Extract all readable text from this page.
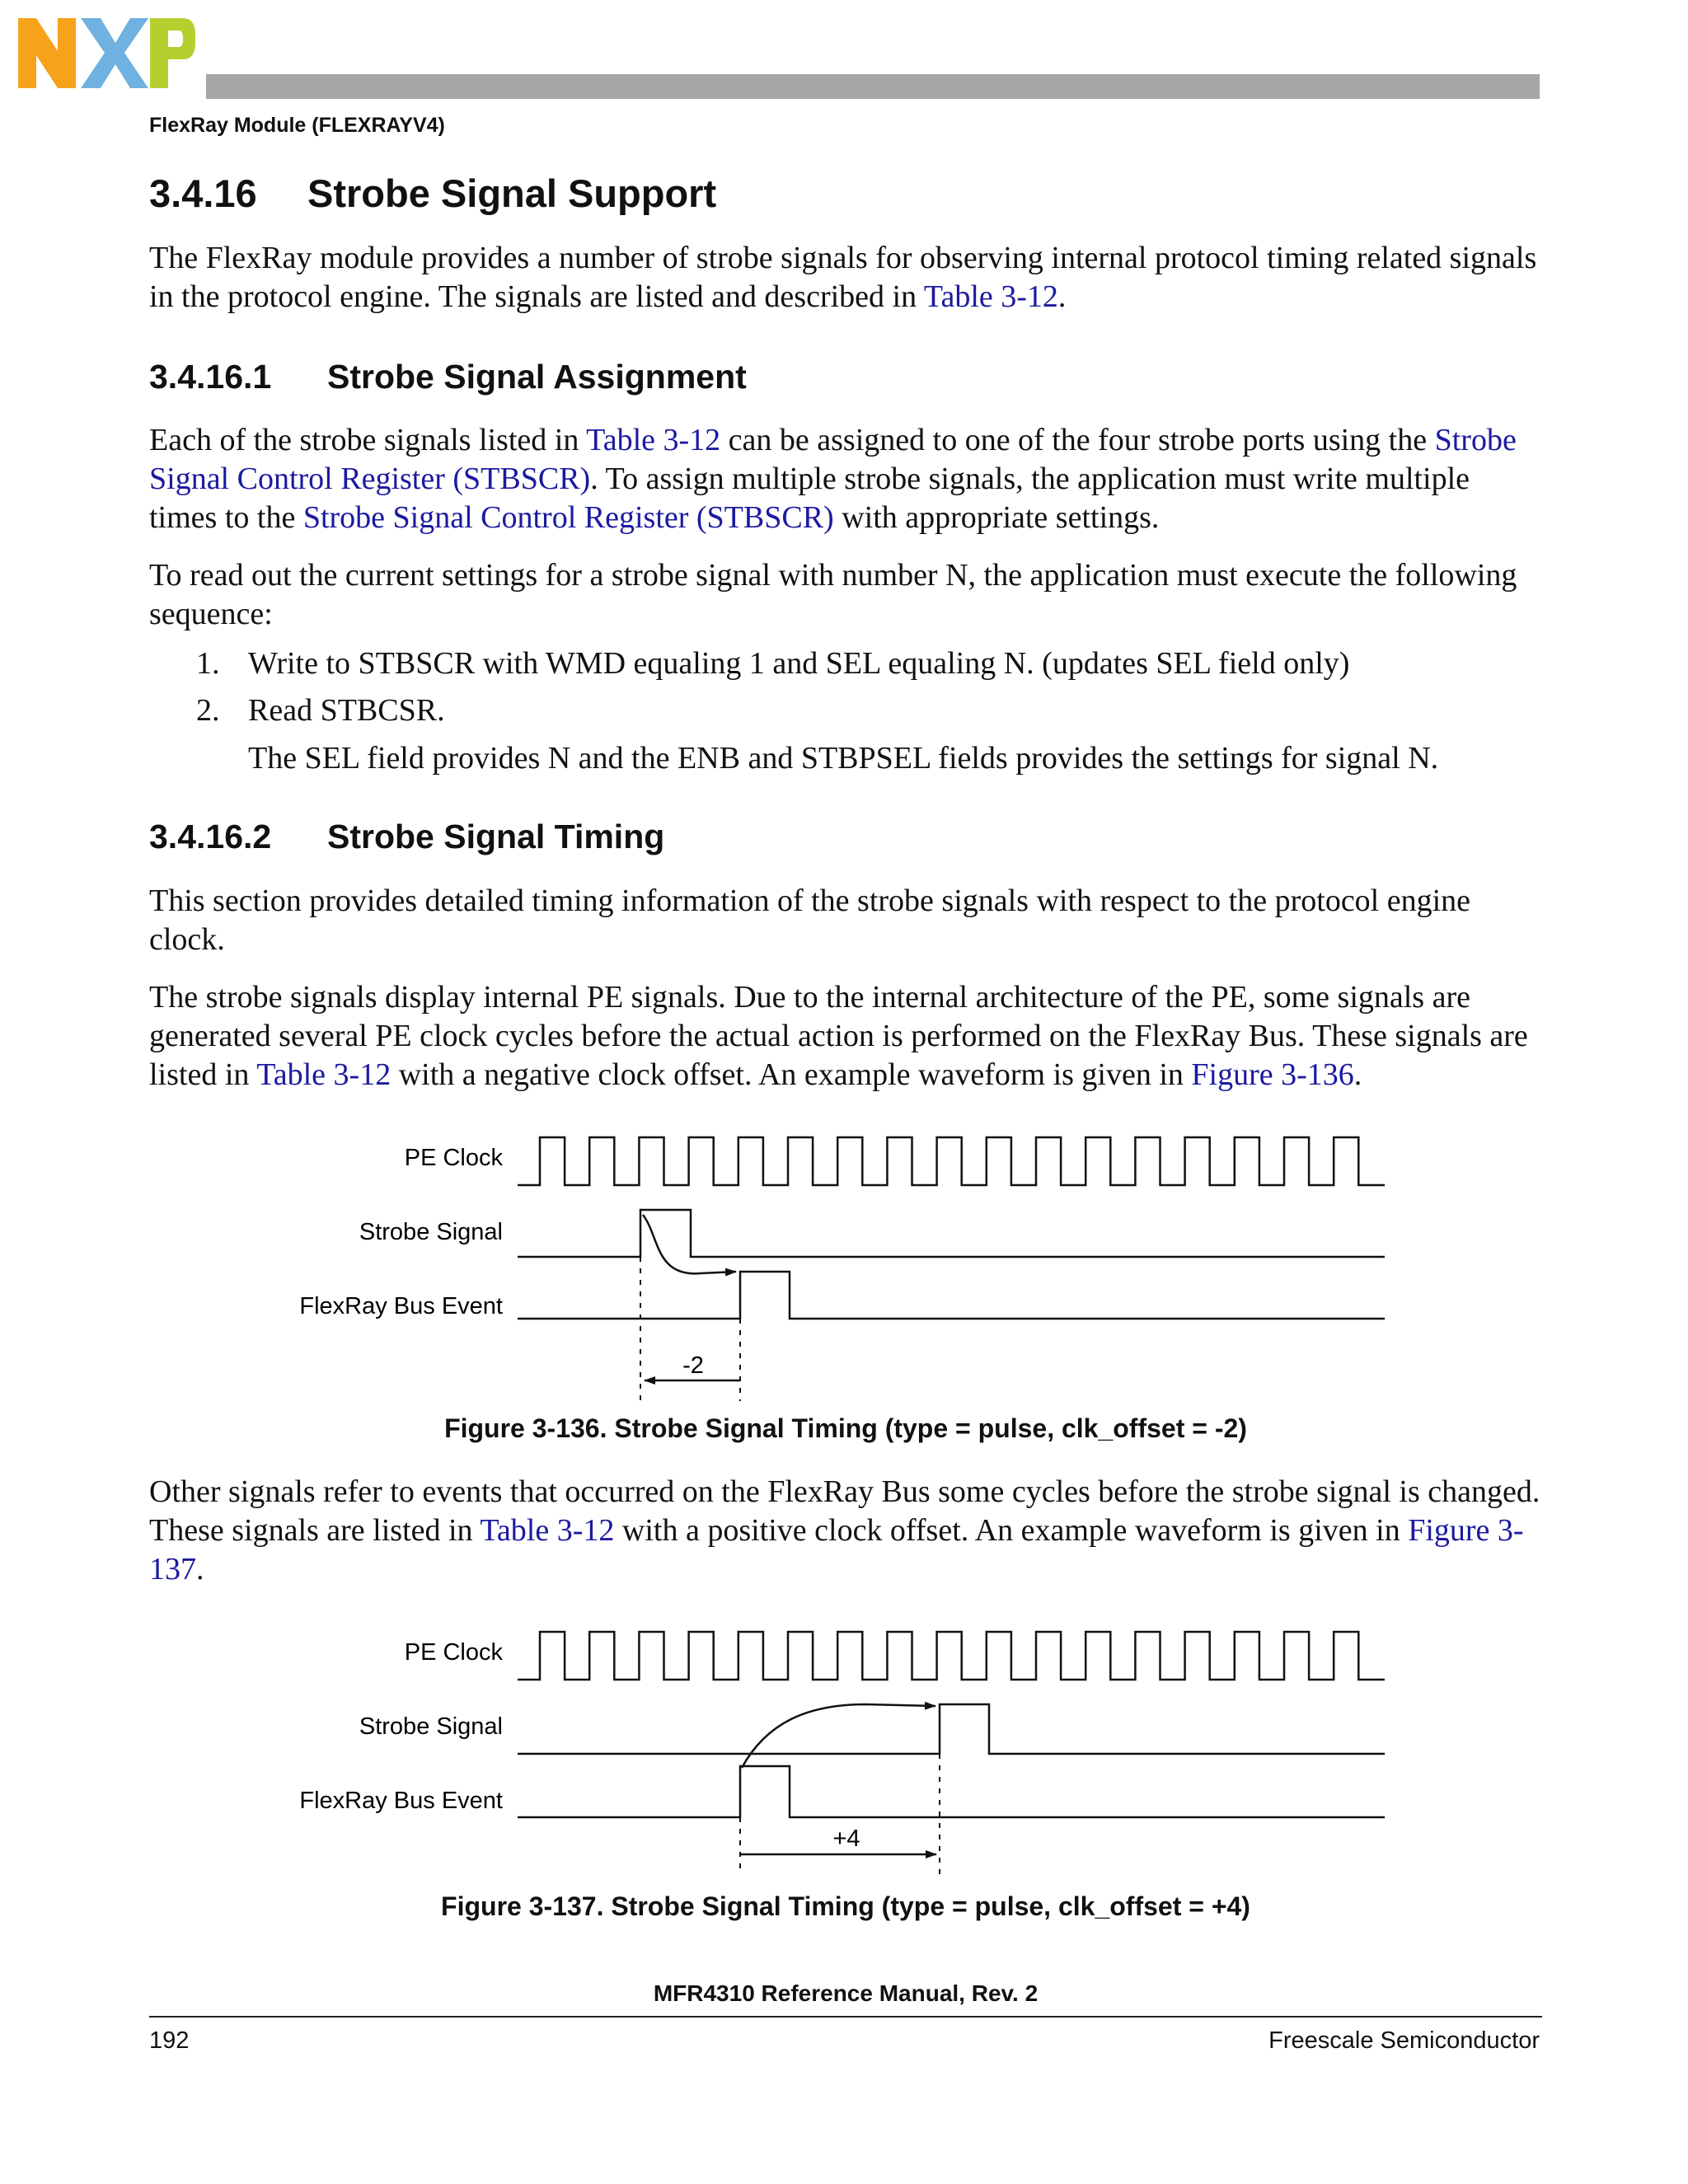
FlexRay Module (FLEXRAYV4)
3.4.16 Strobe Signal Support
The FlexRay module provides a number of strobe signals for observing internal protocol timing related signals in the protocol engine. The signals are listed and described in Table 3-12.
3.4.16.1 Strobe Signal Assignment
Each of the strobe signals listed in Table 3-12 can be assigned to one of the four strobe ports using the Strobe Signal Control Register (STBSCR). To assign multiple strobe signals, the application must write multiple times to the Strobe Signal Control Register (STBSCR) with appropriate settings.
To read out the current settings for a strobe signal with number N, the application must execute the following sequence:
1. Write to STBSCR with WMD equaling 1 and SEL equaling N. (updates SEL field only)
2. Read STBCSR.
The SEL field provides N and the ENB and STBPSEL fields provides the settings for signal N.
3.4.16.2 Strobe Signal Timing
This section provides detailed timing information of the strobe signals with respect to the protocol engine clock.
The strobe signals display internal PE signals. Due to the internal architecture of the PE, some signals are generated several PE clock cycles before the actual action is performed on the FlexRay Bus. These signals are listed in Table 3-12 with a negative clock offset. An example waveform is given in Figure 3-136.
PE Clock
Strobe Signal
FlexRay Bus Event
-2
Figure 3-136. Strobe Signal Timing (type = pulse, clk_offset = -2)
Other signals refer to events that occurred on the FlexRay Bus some cycles before the strobe signal is changed. These signals are listed in Table 3-12 with a positive clock offset. An example waveform is given in Figure 3-137.
PE Clock
Strobe Signal
FlexRay Bus Event
+4
Figure 3-137. Strobe Signal Timing (type = pulse, clk_offset = +4)
MFR4310 Reference Manual, Rev. 2
192	Freescale Semiconductor
